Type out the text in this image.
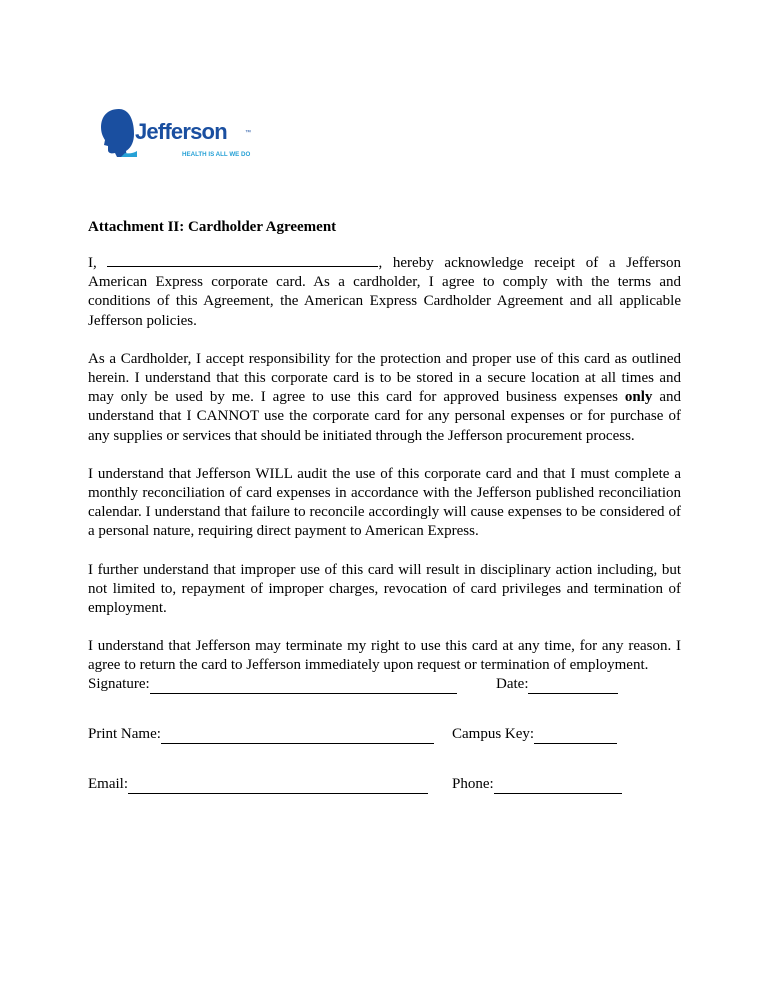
Jefferson	™
HEALTH IS ALL WE DO
Attachment II: Cardholder Agreement

I,	, hereby acknowledge receipt of a Jefferson American Express corporate card. As a cardholder, I agree to comply with the terms and conditions of this Agreement, the American Express Cardholder Agreement and all applicable Jefferson policies.

As a Cardholder, I accept responsibility for the protection and proper use of this card as outlined herein. I understand that this corporate card is to be stored in a secure location at all times and may only be used by me. I agree to use this card for approved business expenses only and understand that I CANNOT use the corporate card for any personal expenses or for purchase of any supplies or services that should be initiated through the Jefferson procurement process.

I understand that Jefferson WILL audit the use of this corporate card and that I must complete a monthly reconciliation of card expenses in accordance with the Jefferson published reconciliation calendar. I understand that failure to reconcile accordingly will cause expenses to be considered of a personal nature, requiring direct payment to American Express.

I further understand that improper use of this card will result in disciplinary action including, but not limited to, repayment of improper charges, revocation of card privileges and termination of employment.

I understand that Jefferson may terminate my right to use this card at any time, for any reason. I agree to return the card to Jefferson immediately upon request or termination of employment.

Signature:	Date:
Print Name:	Campus Key:
Email:	Phone:
